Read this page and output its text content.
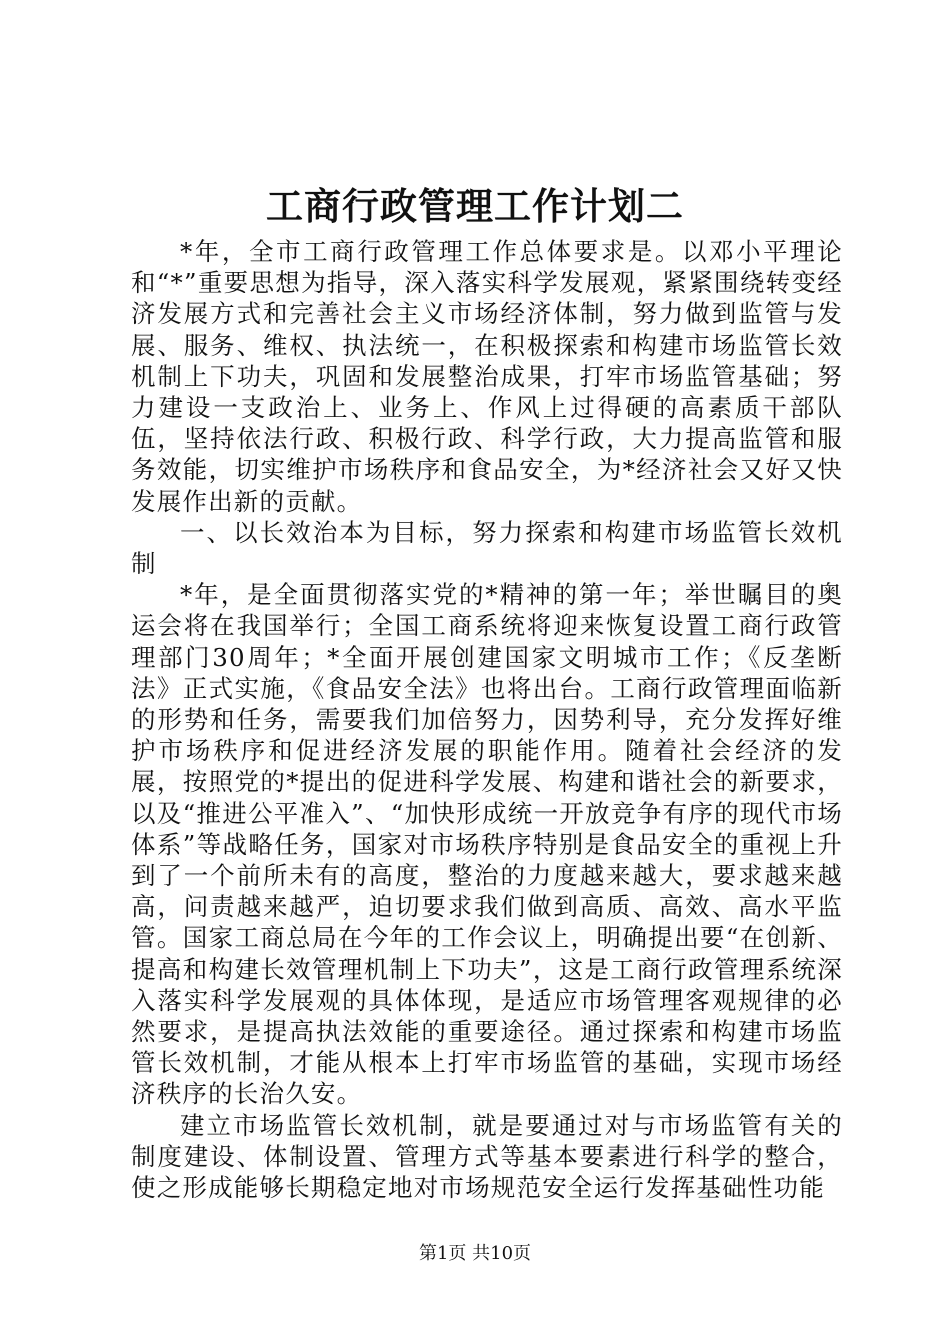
工商行政管理工作计划二

*年，全市工商行政管理工作总体要求是。以邓小平理论和“*”重要思想为指导，深入落实科学发展观，紧紧围绕转变经济发展方式和完善社会主义市场经济体制，努力做到监管与发展、服务、维权、执法统一，在积极探索和构建市场监管长效机制上下功夫，巩固和发展整治成果，打牢市场监管基础；努力建设一支政治上、业务上、作风上过得硬的高素质干部队伍，坚持依法行政、积极行政、科学行政，大力提高监管和服务效能，切实维护市场秩序和食品安全，为*经济社会又好又快发展作出新的贡献。

一、以长效治本为目标，努力探索和构建市场监管长效机制

*年，是全面贯彻落实党的*精神的第一年；举世瞩目的奥运会将在我国举行；全国工商系统将迎来恢复设置工商行政管理部门30周年；*全面开展创建国家文明城市工作；《反垄断法》正式实施，《食品安全法》也将出台。工商行政管理面临新的形势和任务，需要我们加倍努力，因势利导，充分发挥好维护市场秩序和促进经济发展的职能作用。随着社会经济的发展，按照党的*提出的促进科学发展、构建和谐社会的新要求，以及“推进公平准入”、“加快形成统一开放竞争有序的现代市场体系”等战略任务，国家对市场秩序特别是食品安全的重视上升到了一个前所未有的高度，整治的力度越来越大，要求越来越高，问责越来越严，迫切要求我们做到高质、高效、高水平监管。国家工商总局在今年的工作会议上，明确提出要“在创新、提高和构建长效管理机制上下功夫”，这是工商行政管理系统深入落实科学发展观的具体体现，是适应市场管理客观规律的必然要求，是提高执法效能的重要途径。通过探索和构建市场监管长效机制，才能从根本上打牢市场监管的基础，实现市场经济秩序的长治久安。

建立市场监管长效机制，就是要通过对与市场监管有关的制度建设、体制设置、管理方式等基本要素进行科学的整合，使之形成能够长期稳定地对市场规范安全运行发挥基础性功能

第1页 共10页
